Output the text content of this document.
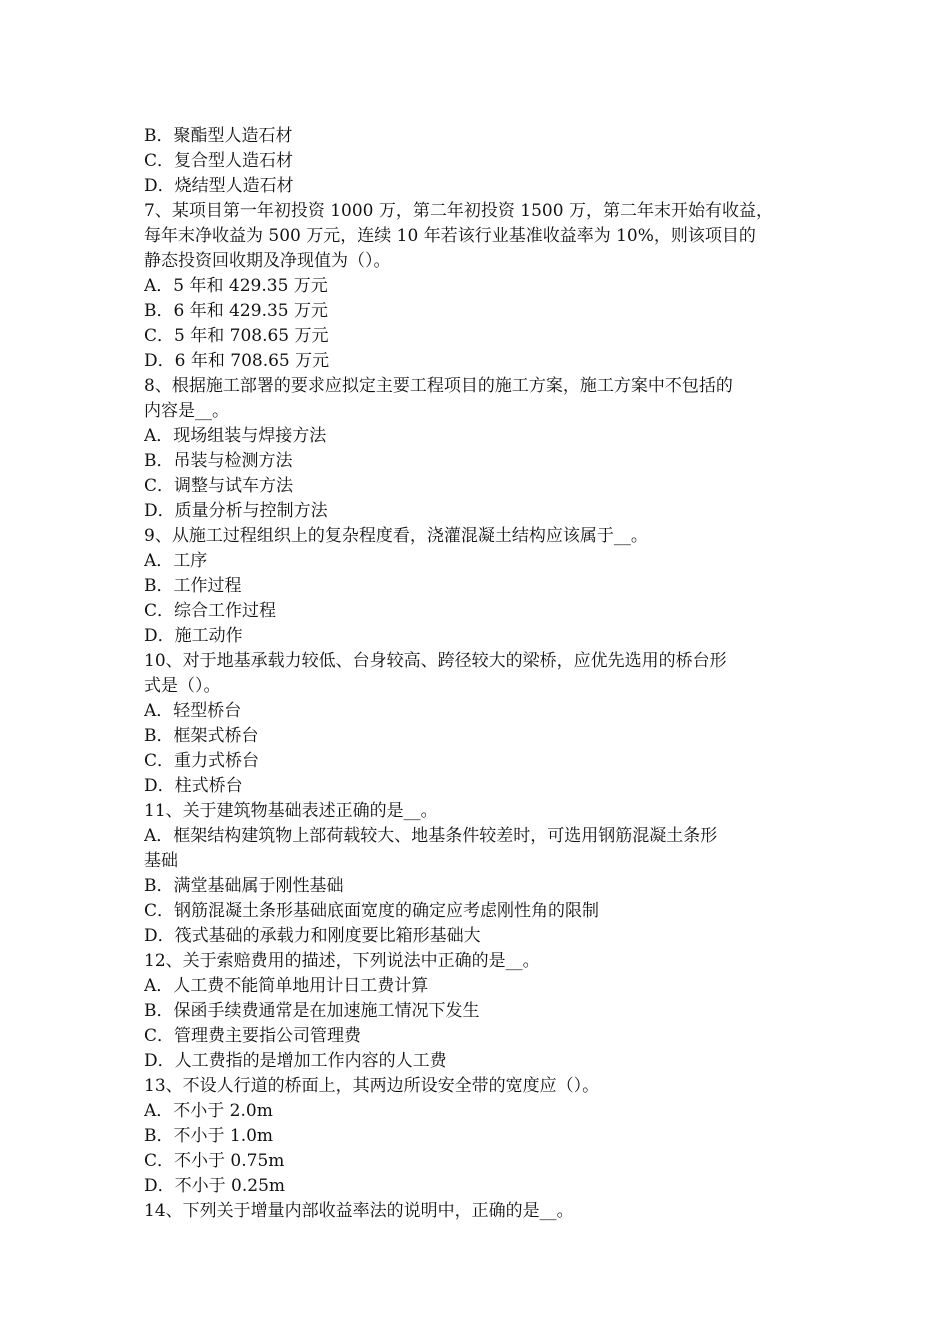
B．聚酯型人造石材
C．复合型人造石材
D．烧结型人造石材
7、某项目第一年初投资 1000 万，第二年初投资 1500 万，第二年末开始有收益，
每年末净收益为 500 万元，连续 10 年若该行业基准收益率为 10%，则该项目的
静态投资回收期及净现值为（）。
A．5 年和 429.35 万元
B．6 年和 429.35 万元
C．5 年和 708.65 万元
D．6 年和 708.65 万元
8、根据施工部署的要求应拟定主要工程项目的施工方案，施工方案中不包括的
内容是__。
A．现场组装与焊接方法
B．吊装与检测方法
C．调整与试车方法
D．质量分析与控制方法
9、从施工过程组织上的复杂程度看，浇灌混凝土结构应该属于__。
A．工序
B．工作过程
C．综合工作过程
D．施工动作
10、对于地基承载力较低、台身较高、跨径较大的梁桥，应优先选用的桥台形
式是（）。
A．轻型桥台
B．框架式桥台
C．重力式桥台
D．柱式桥台
11、关于建筑物基础表述正确的是__。
A．框架结构建筑物上部荷载较大、地基条件较差时，可选用钢筋混凝土条形
基础
B．满堂基础属于刚性基础
C．钢筋混凝土条形基础底面宽度的确定应考虑刚性角的限制
D．筏式基础的承载力和刚度要比箱形基础大
12、关于索赔费用的描述，下列说法中正确的是__。
A．人工费不能简单地用计日工费计算
B．保函手续费通常是在加速施工情况下发生
C．管理费主要指公司管理费
D．人工费指的是增加工作内容的人工费
13、不设人行道的桥面上，其两边所设安全带的宽度应（）。
A．不小于 2.0m
B．不小于 1.0m
C．不小于 0.75m
D．不小于 0.25m
14、下列关于增量内部收益率法的说明中，正确的是__。
